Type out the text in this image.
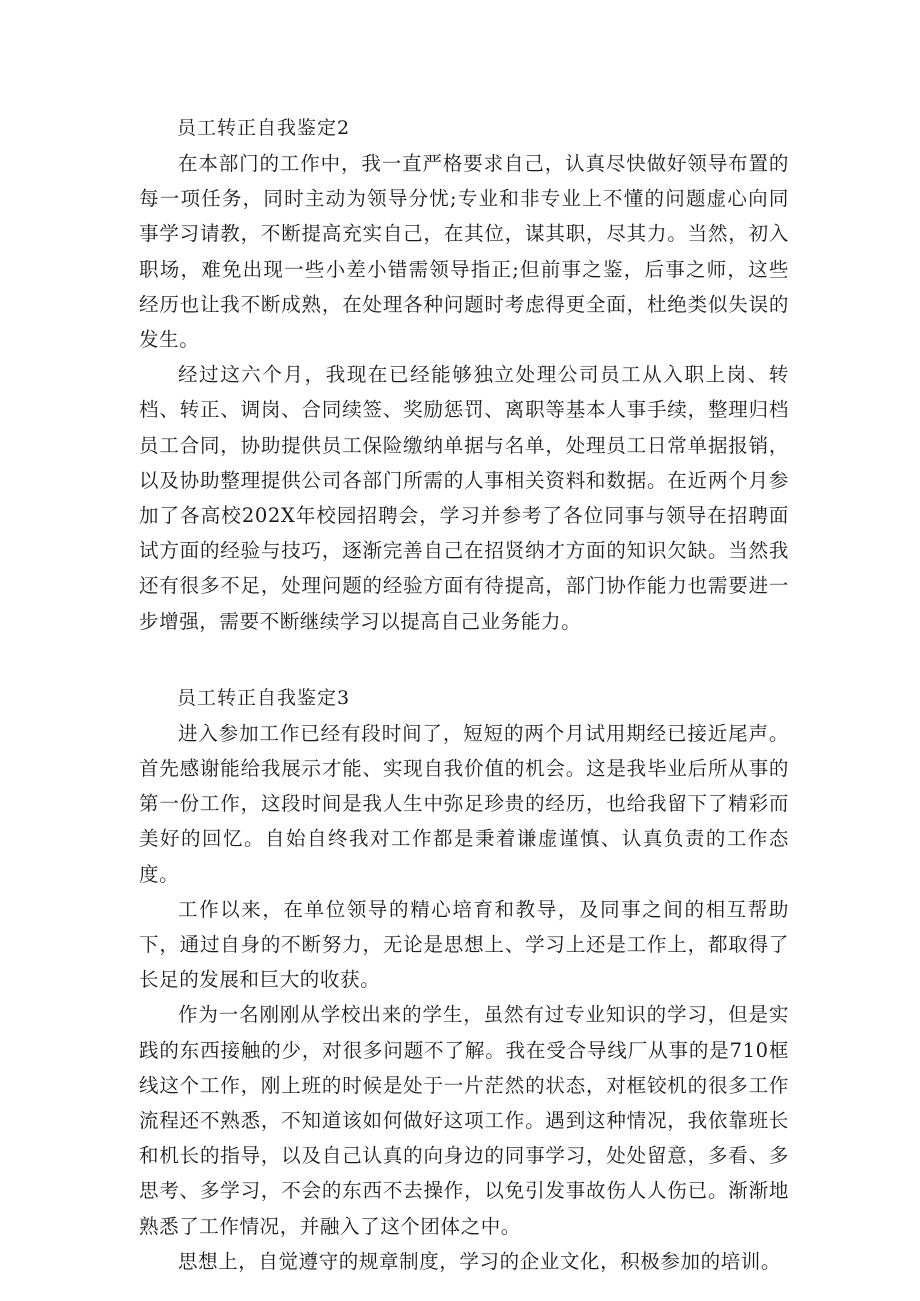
员工转正自我鉴定2

在本部门的工作中，我一直严格要求自己，认真尽快做好领导布置的每一项任务，同时主动为领导分忧;专业和非专业上不懂的问题虚心向同事学习请教，不断提高充实自己，在其位，谋其职，尽其力。当然，初入职场，难免出现一些小差小错需领导指正;但前事之鉴，后事之师，这些经历也让我不断成熟，在处理各种问题时考虑得更全面，杜绝类似失误的发生。

经过这六个月，我现在已经能够独立处理公司员工从入职上岗、转档、转正、调岗、合同续签、奖励惩罚、离职等基本人事手续，整理归档员工合同，协助提供员工保险缴纳单据与名单，处理员工日常单据报销，以及协助整理提供公司各部门所需的人事相关资料和数据。在近两个月参加了各高校202X年校园招聘会，学习并参考了各位同事与领导在招聘面试方面的经验与技巧，逐渐完善自己在招贤纳才方面的知识欠缺。当然我还有很多不足，处理问题的经验方面有待提高，部门协作能力也需要进一步增强，需要不断继续学习以提高自己业务能力。

员工转正自我鉴定3

进入参加工作已经有段时间了，短短的两个月试用期经已接近尾声。首先感谢能给我展示才能、实现自我价值的机会。这是我毕业后所从事的第一份工作，这段时间是我人生中弥足珍贵的经历，也给我留下了精彩而美好的回忆。自始自终我对工作都是秉着谦虚谨慎、认真负责的工作态度。

工作以来，在单位领导的精心培育和教导，及同事之间的相互帮助下，通过自身的不断努力，无论是思想上、学习上还是工作上，都取得了长足的发展和巨大的收获。

作为一名刚刚从学校出来的学生，虽然有过专业知识的学习，但是实践的东西接触的少，对很多问题不了解。我在受合导线厂从事的是710框线这个工作，刚上班的时候是处于一片茫然的状态，对框铰机的很多工作流程还不熟悉，不知道该如何做好这项工作。遇到这种情况，我依靠班长和机长的指导，以及自己认真的向身边的同事学习，处处留意，多看、多思考、多学习，不会的东西不去操作，以免引发事故伤人人伤已。渐渐地熟悉了工作情况，并融入了这个团体之中。

思想上，自觉遵守的规章制度，学习的企业文化，积极参加的培训。
